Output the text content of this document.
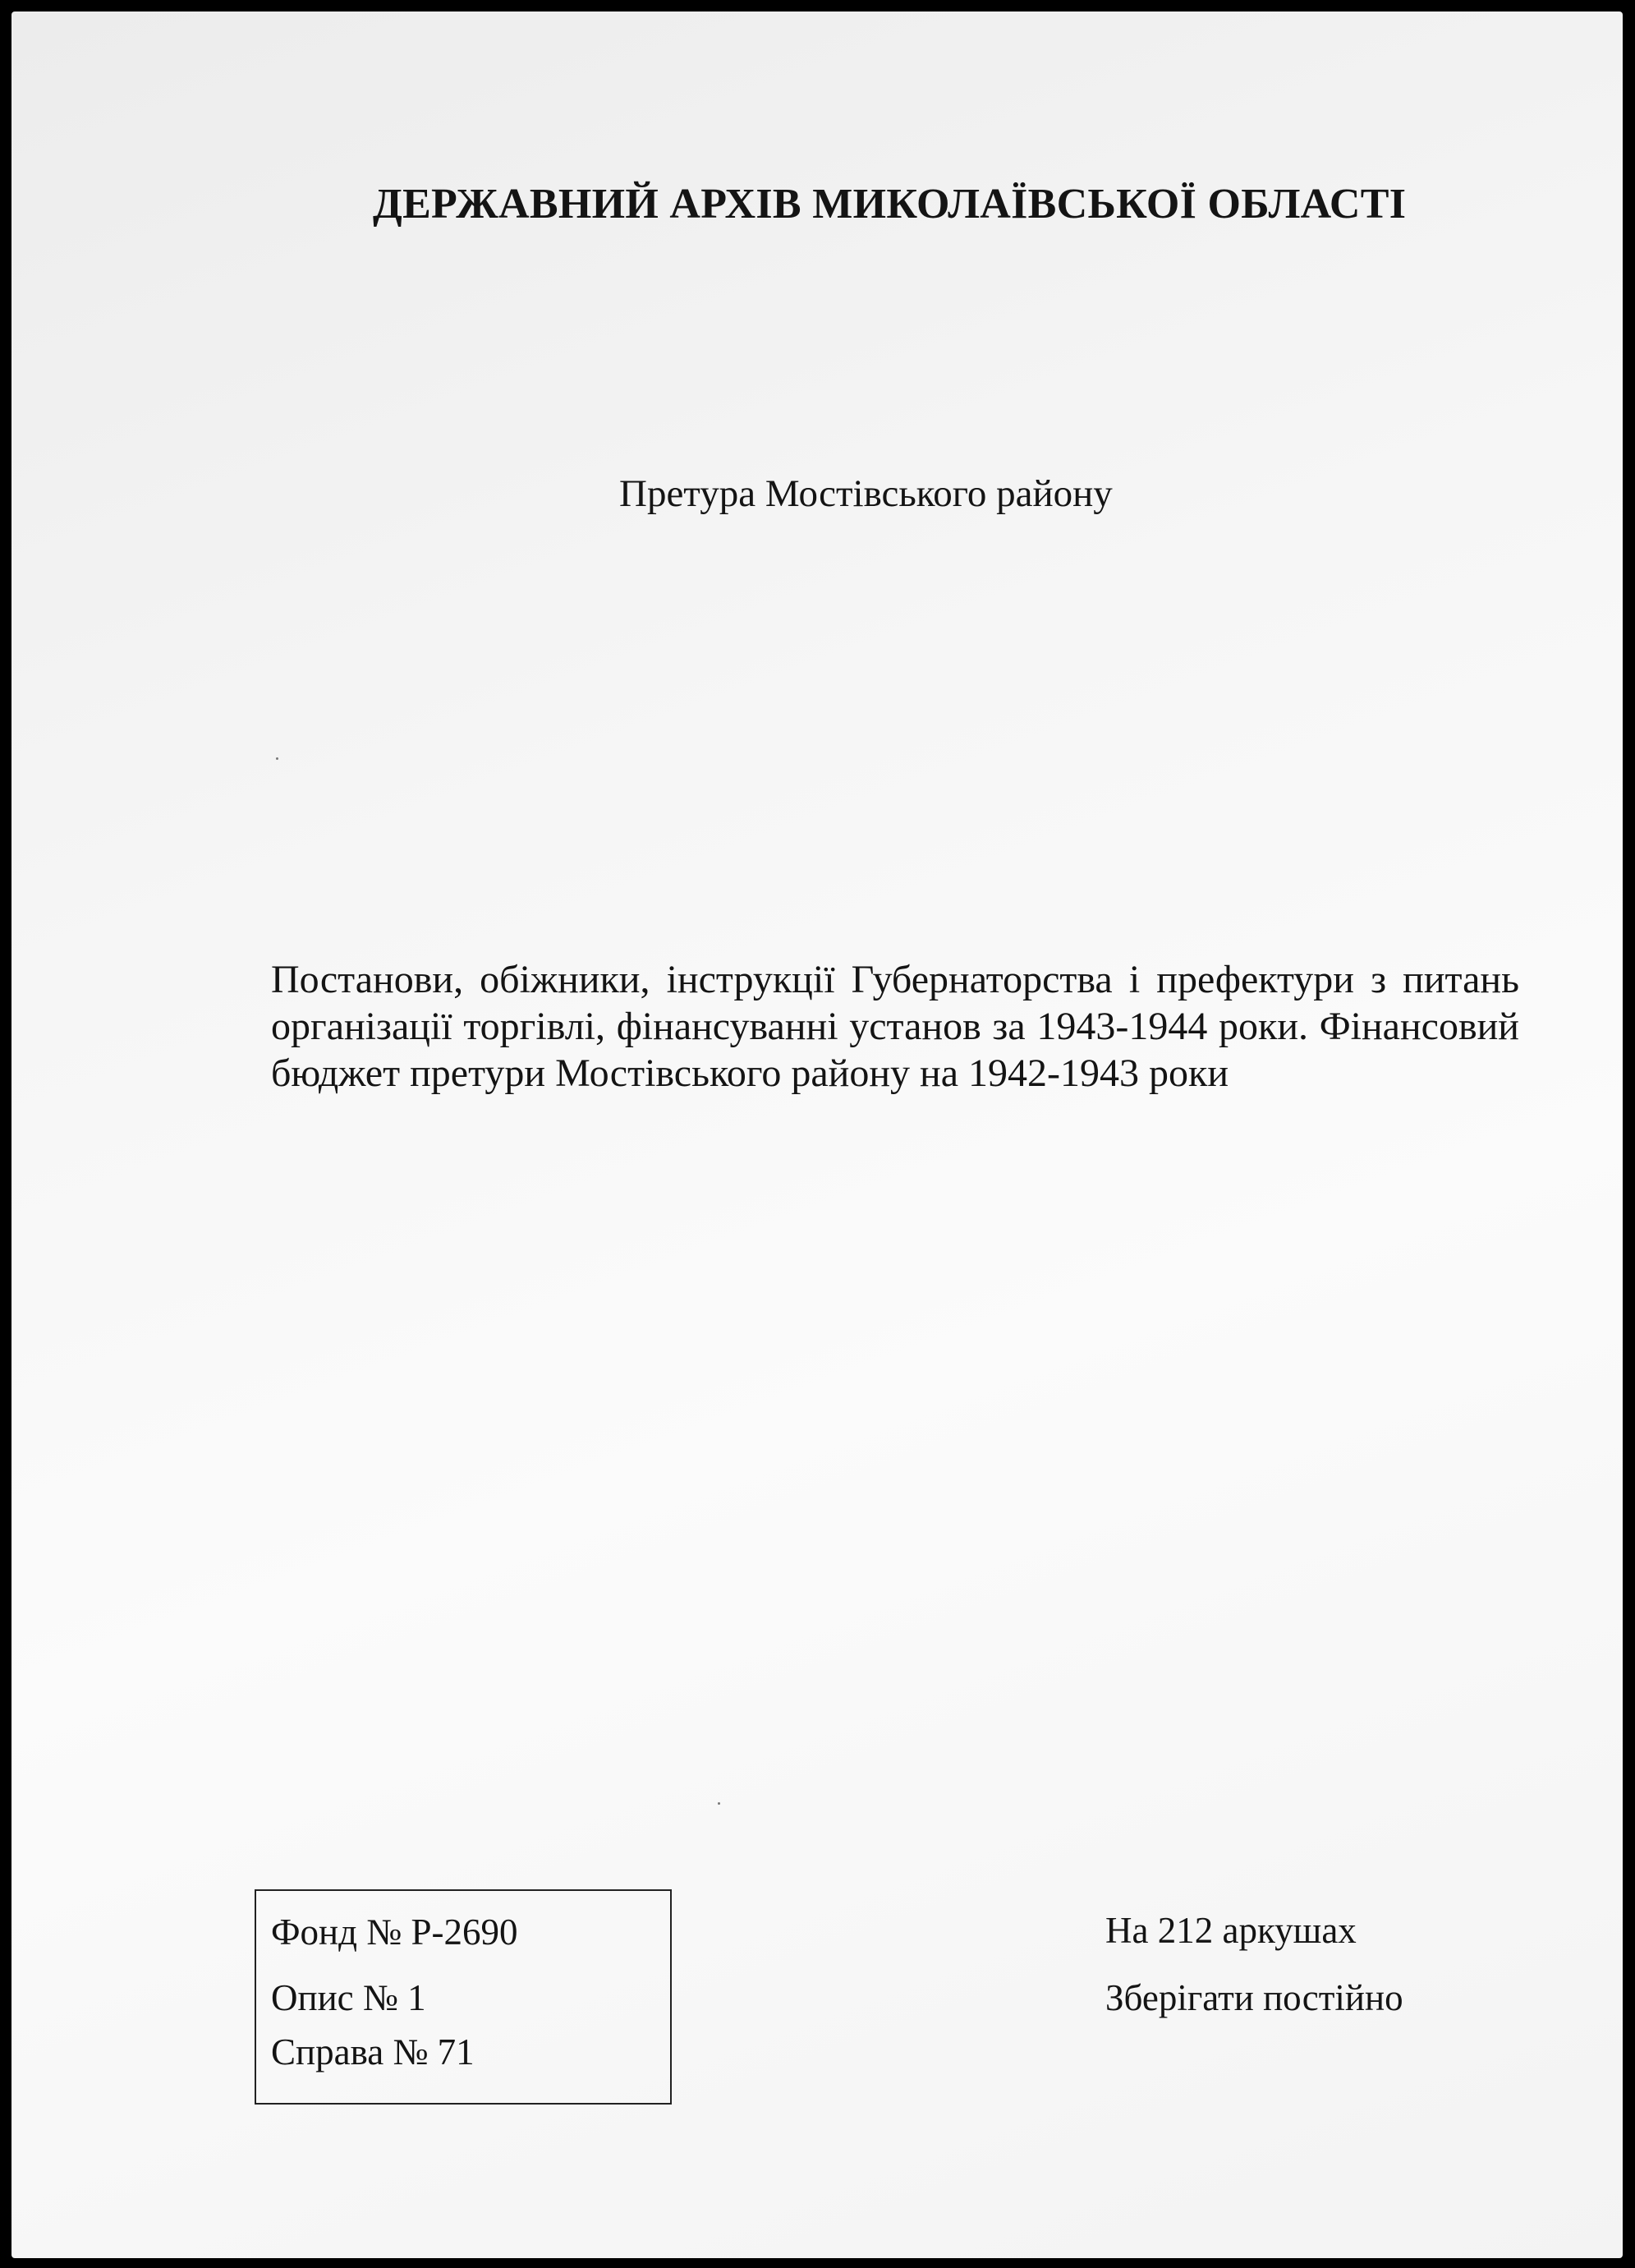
ДЕРЖАВНИЙ АРХІВ МИКОЛАЇВСЬКОЇ ОБЛАСТІ
Претура Мостівського району
Постанови, обіжники, інструкції Губернаторства і префектури з питань організації торгівлі, фінансуванні установ за 1943-1944 роки. Фінансовий бюджет претури Мостівського району на 1942-1943 роки
Фонд № Р-2690
Опис № 1
Справа № 71
На 212 аркушах
Зберігати постійно
